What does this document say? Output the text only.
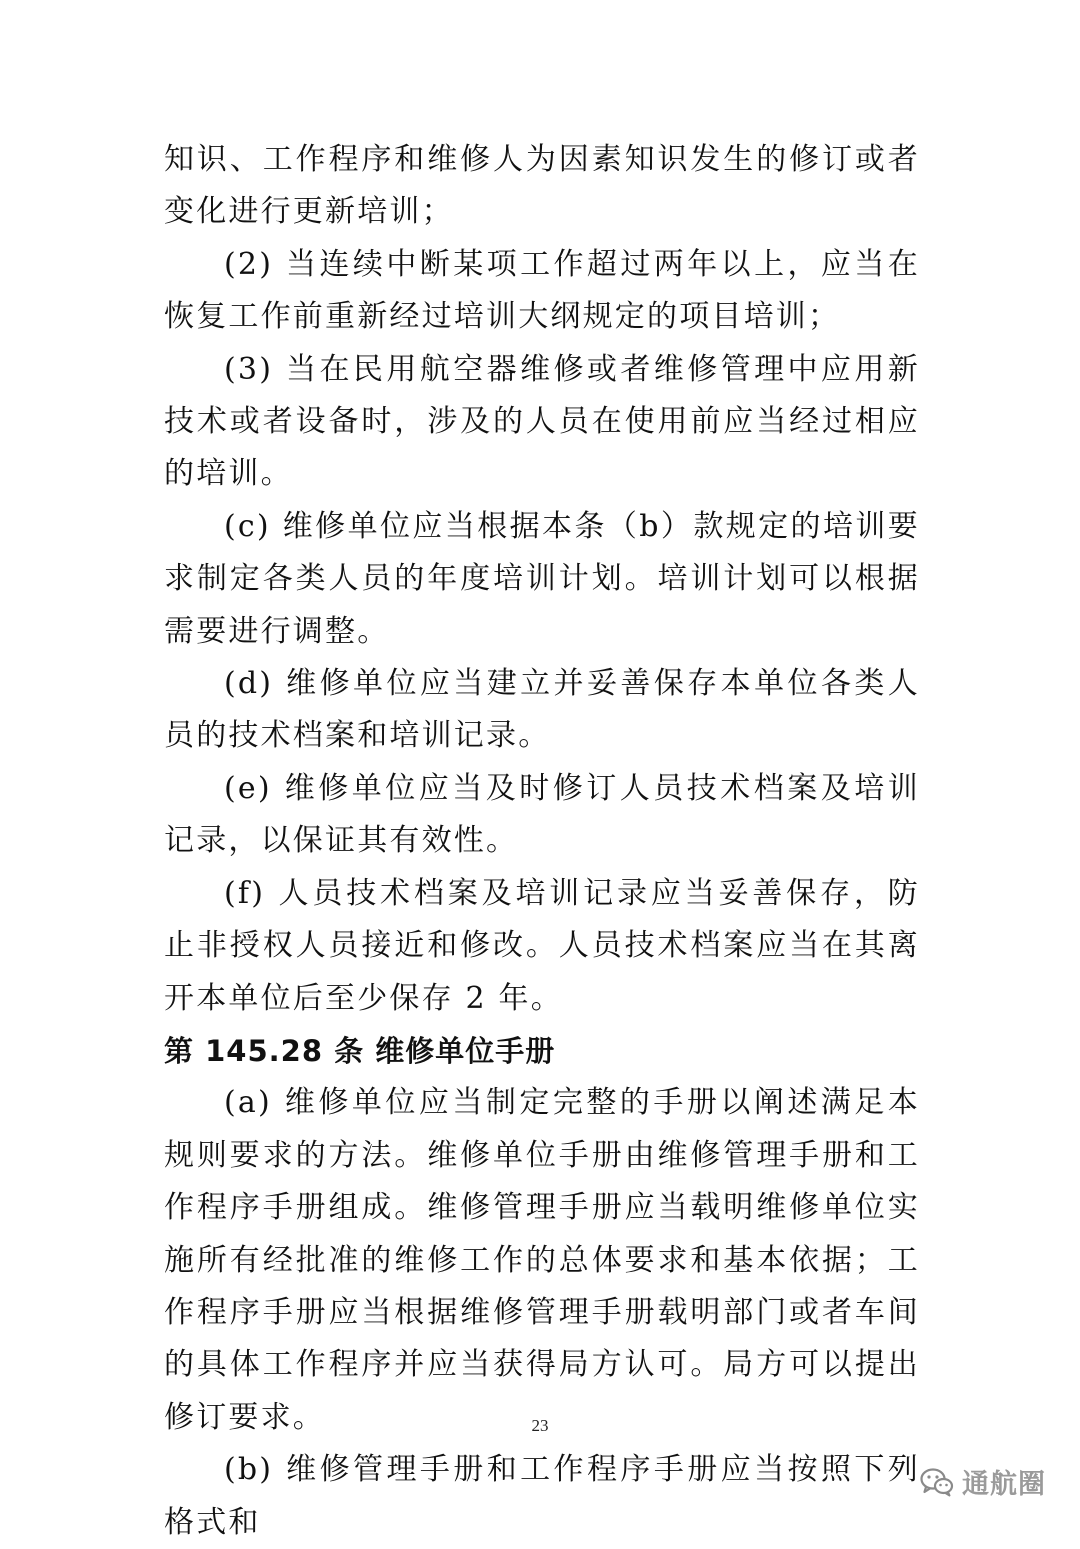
知识、工作程序和维修人为因素知识发生的修订或者变化进行更新培训；

(2) 当连续中断某项工作超过两年以上，应当在恢复工作前重新经过培训大纲规定的项目培训；

(3) 当在民用航空器维修或者维修管理中应用新技术或者设备时，涉及的人员在使用前应当经过相应的培训。

(c) 维修单位应当根据本条（b）款规定的培训要求制定各类人员的年度培训计划。培训计划可以根据需要进行调整。

(d) 维修单位应当建立并妥善保存本单位各类人员的技术档案和培训记录。

(e) 维修单位应当及时修订人员技术档案及培训记录，以保证其有效性。

(f) 人员技术档案及培训记录应当妥善保存，防止非授权人员接近和修改。人员技术档案应当在其离开本单位后至少保存 2 年。

第 145.28 条 维修单位手册

(a) 维修单位应当制定完整的手册以阐述满足本规则要求的方法。维修单位手册由维修管理手册和工作程序手册组成。维修管理手册应当载明维修单位实施所有经批准的维修工作的总体要求和基本依据；工作程序手册应当根据维修管理手册载明部门或者车间的具体工作程序并应当获得局方认可。局方可以提出修订要求。

(b) 维修管理手册和工作程序手册应当按照下列格式和

23
通航圈
